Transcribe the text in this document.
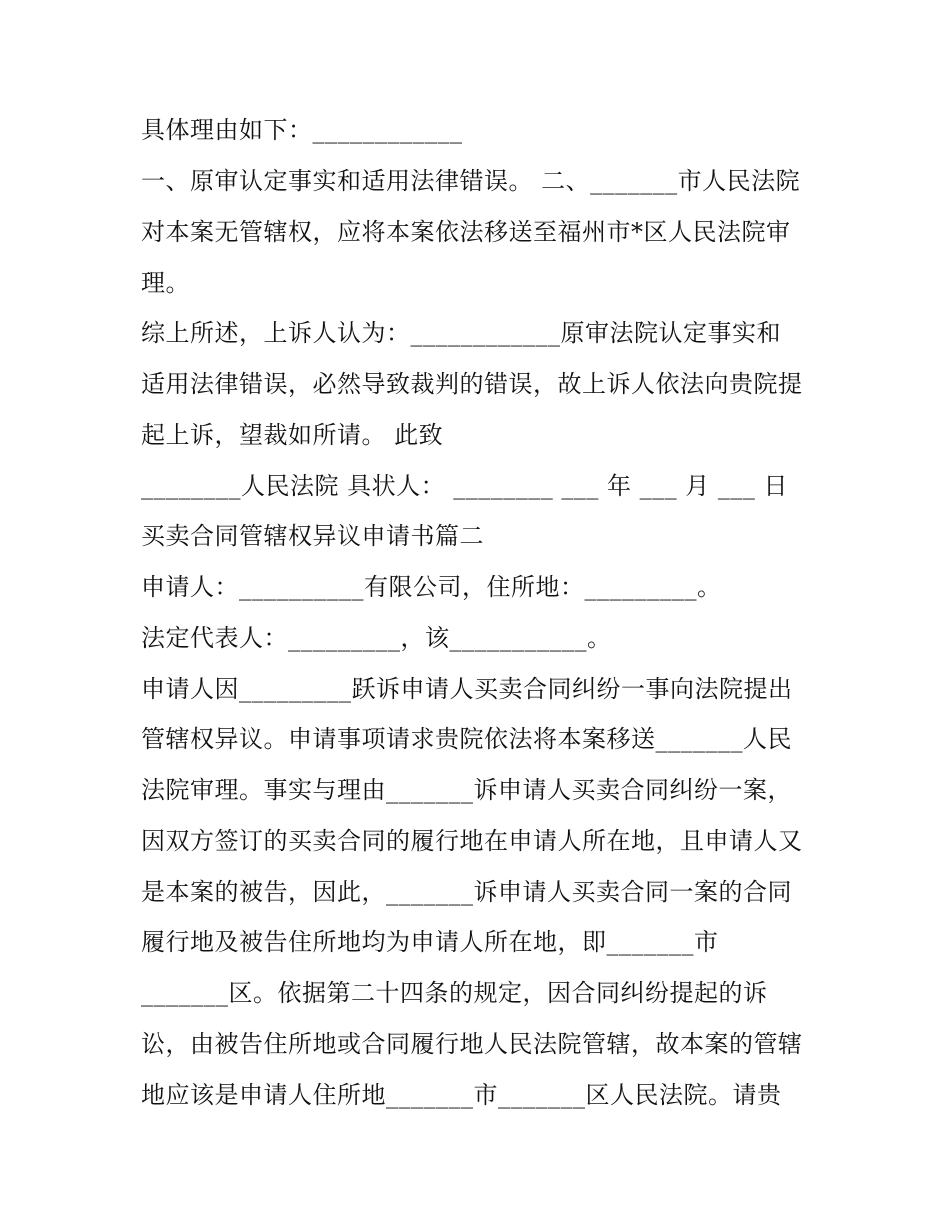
具体理由如下：____________
一、原审认定事实和适用法律错误。 二、_______市人民法院
对本案无管辖权，应将本案依法移送至福州市*区人民法院审
理。
综上所述，上诉人认为：____________原审法院认定事实和
适用法律错误，必然导致裁判的错误，故上诉人依法向贵院提
起上诉，望裁如所请。 此致
________人民法院 具状人： ________ ___ 年 ___ 月 ___ 日
买卖合同管辖权异议申请书篇二
申请人：__________有限公司，住所地：_________。
法定代表人：_________，该___________。
申请人因_________跃诉申请人买卖合同纠纷一事向法院提出
管辖权异议。申请事项请求贵院依法将本案移送_______人民
法院审理。事实与理由_______诉申请人买卖合同纠纷一案，
因双方签订的买卖合同的履行地在申请人所在地，且申请人又
是本案的被告，因此，_______诉申请人买卖合同一案的合同
履行地及被告住所地均为申请人所在地，即_______市
_______区。依据第二十四条的规定，因合同纠纷提起的诉
讼，由被告住所地或合同履行地人民法院管辖，故本案的管辖
地应该是申请人住所地_______市_______区人民法院。请贵
